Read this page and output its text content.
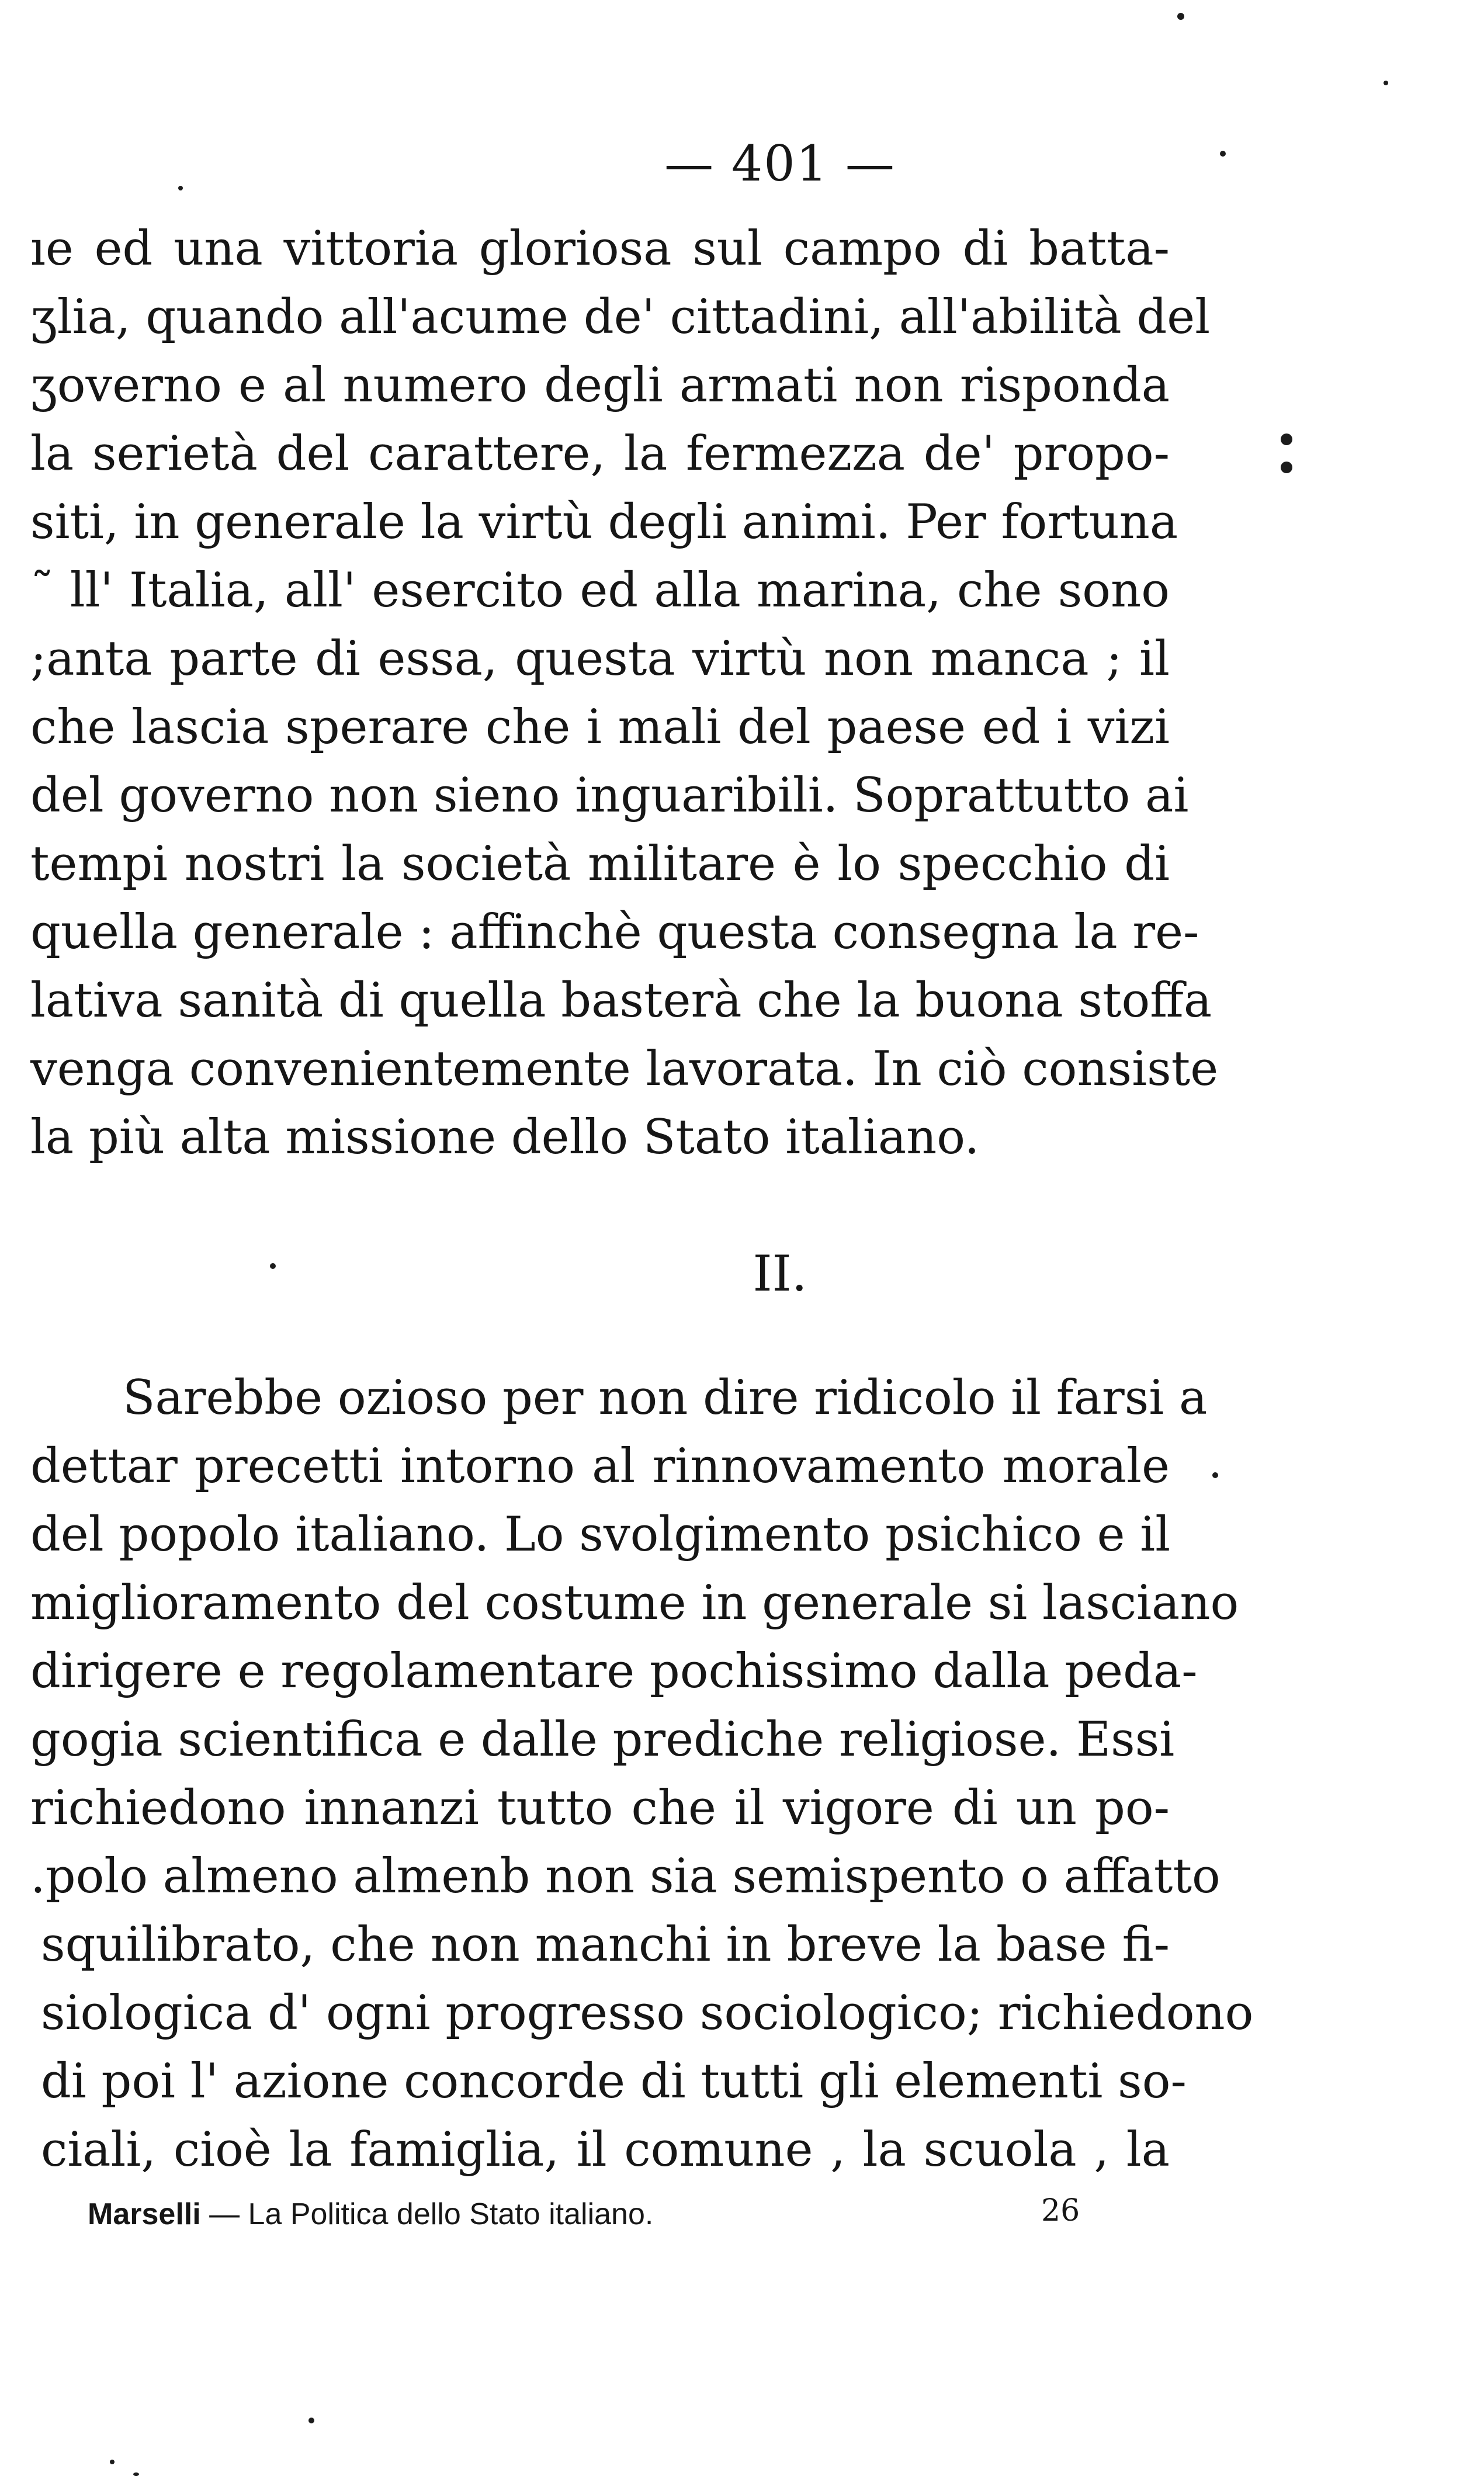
— 401 —
ıe ed una vittoria gloriosa sul campo di batta-
ʒlia, quando all'acume de' cittadini, all'abilità del
ʒoverno e al numero degli armati non risponda
la serietà del carattere, la fermezza de' propo-
siti, in generale la virtù degli animi. Per fortuna
˜ ll' Italia, all' esercito ed alla marina, che sono
;anta parte di essa, questa virtù non manca ; il
che lascia sperare che i mali del paese ed i vizi
del governo non sieno inguaribili. Soprattutto ai
tempi nostri la società militare è lo specchio di
quella generale : affinchè questa consegna la re-
lativa sanità di quella basterà che la buona stoffa
venga convenientemente lavorata. In ciò consiste
la più alta missione dello Stato italiano.
II.
Sarebbe ozioso per non dire ridicolo il farsi a
dettar precetti intorno al rinnovamento morale
del popolo italiano. Lo svolgimento psichico e il
miglioramento del costume in generale si lasciano
dirigere e regolamentare pochissimo dalla peda-
gogia scientifica e dalle prediche religiose. Essi
richiedono innanzi tutto che il vigore di un po-
.polo almeno almenb non sia semispento o affatto
squilibrato, che non manchi in breve la base fi-
siologica d' ogni progresso sociologico; richiedono
di poi l' azione concorde di tutti gli elementi so-
ciali, cioè la famiglia, il comune , la scuola , la
Marselli — La Politica dello Stato italiano.	26
